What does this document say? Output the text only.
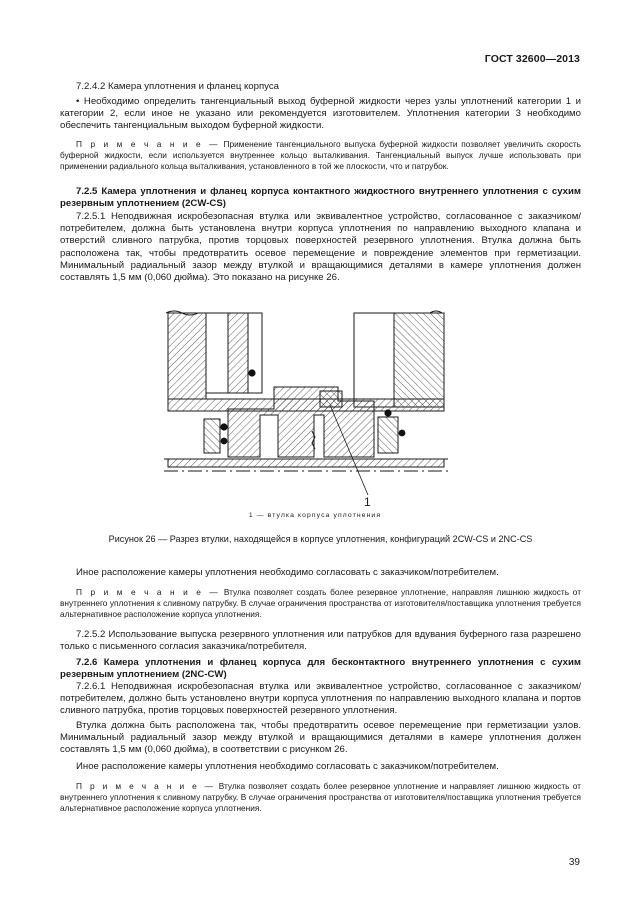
ГОСТ 32600—2013

7.2.4.2 Камера уплотнения и фланец корпуса

• Необходимо определить тангенциальный выход буферной жидкости через узлы уплотнений категории 1 и категории 2, если иное не указано или рекомендуется изготовителем. Уплотнения категории 3 необходимо обеспечить тангенциальным выходом буферной жидкости.

П р и м е ч а н и е — Применение тангенциального выпуска буферной жидкости позволяет увеличить скорость буферной жидкости, если используется внутреннее кольцо выталкивания. Тангенциальный выпуск лучше использовать при применении радиального кольца выталкивания, установленного в той же плоскости, что и патрубок.

7.2.5 Камера уплотнения и фланец корпуса контактного жидкостного внутреннего уплотнения с сухим резервным уплотнением (2CW-CS)

7.2.5.1 Неподвижная искробезопасная втулка или эквивалентное устройство, согласованное с заказчиком/потребителем, должна быть установлена внутри корпуса уплотнения по направлению выходного клапана и отверстий сливного патрубка, против торцовых поверхностей резервного уплотнения. Втулка должна быть расположена так, чтобы предотвратить осевое перемещение и повреждение элементов при герметизации. Минимальный радиальный зазор между втулкой и вращающимися деталями в камере уплотнения должен составлять 1,5 мм (0,060 дюйма). Это показано на рисунке 26.

1
1 — втулка корпуса уплотнения
Рисунок 26 — Разрез втулки, находящейся в корпусе уплотнения, конфигураций 2CW-CS и 2NC-CS

Иное расположение камеры уплотнения необходимо согласовать с заказчиком/потребителем.

П р и м е ч а н и е — Втулка позволяет создать более резервное уплотнение, направляя лишнюю жидкость от внутреннего уплотнения к сливному патрубку. В случае ограничения пространства от изготовителя/поставщика уплотнения требуется альтернативное расположение корпуса уплотнения.

7.2.5.2 Использование выпуска резервного уплотнения или патрубков для вдувания буферного газа разрешено только с письменного согласия заказчика/потребителя.

7.2.6 Камера уплотнения и фланец корпуса для бесконтактного внутреннего уплотнения с сухим резервным уплотнением (2NC-CW)

7.2.6.1 Неподвижная искробезопасная втулка или эквивалентное устройство, согласованное с заказчиком/потребителем, должно быть установлено внутри корпуса уплотнения по направлению выходного клапана и портов сливного патрубка, против торцовых поверхностей резервного уплотнения.

Втулка должна быть расположена так, чтобы предотвратить осевое перемещение при герметизации узлов. Минимальный радиальный зазор между втулкой и вращающимися деталями в камере уплотнения должен составлять 1,5 мм (0,060 дюйма), в соответствии с рисунком 26.

Иное расположение камеры уплотнения необходимо согласовать с заказчиком/потребителем.

П р и м е ч а н и е — Втулка позволяет создать более резервное уплотнение и направляет лишнюю жидкость от внутреннего уплотнения к сливному патрубку. В случае ограничения пространства от изготовителя/поставщика уплотнения требуется альтернативное расположение корпуса уплотнения.

39
